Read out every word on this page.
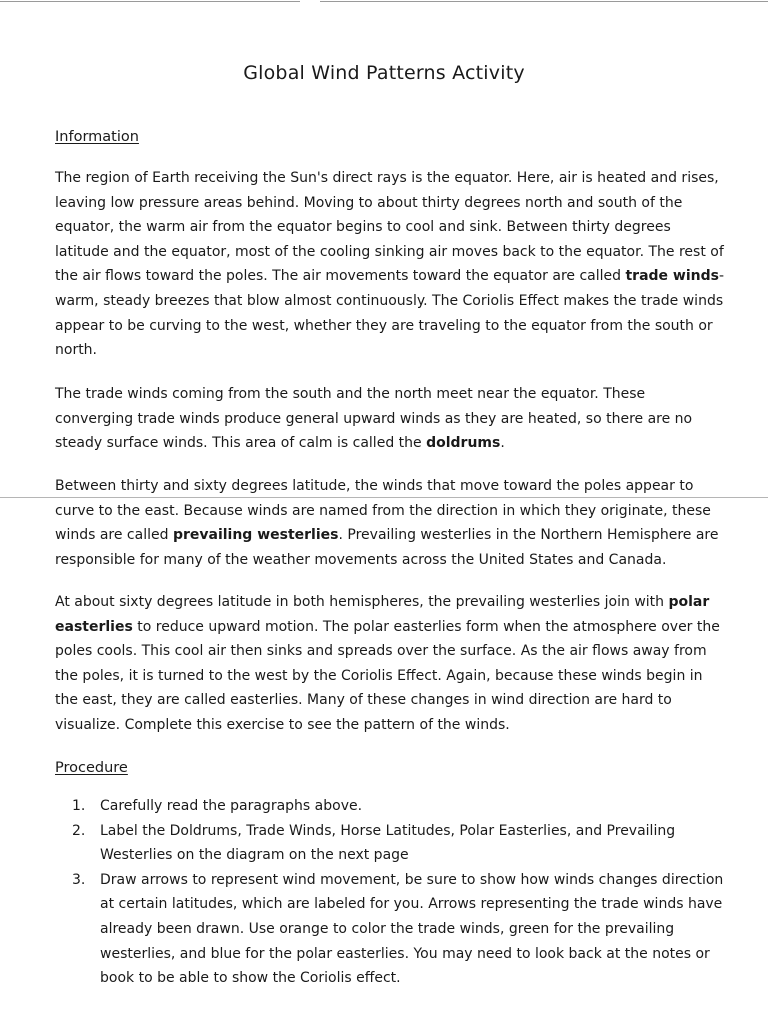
Global Wind Patterns Activity
Information

The region of Earth receiving the Sun's direct rays is the equator. Here, air is heated and rises, leaving low pressure areas behind. Moving to about thirty degrees north and south of the equator, the warm air from the equator begins to cool and sink. Between thirty degrees latitude and the equator, most of the cooling sinking air moves back to the equator. The rest of the air flows toward the poles. The air movements toward the equator are called trade winds- warm, steady breezes that blow almost continuously. The Coriolis Effect makes the trade winds appear to be curving to the west, whether they are traveling to the equator from the south or north.

The trade winds coming from the south and the north meet near the equator. These converging trade winds produce general upward winds as they are heated, so there are no steady surface winds. This area of calm is called the doldrums.

Between thirty and sixty degrees latitude, the winds that move toward the poles appear to curve to the east. Because winds are named from the direction in which they originate, these winds are called prevailing westerlies. Prevailing westerlies in the Northern Hemisphere are responsible for many of the weather movements across the United States and Canada.

At about sixty degrees latitude in both hemispheres, the prevailing westerlies join with polar easterlies to reduce upward motion. The polar easterlies form when the atmosphere over the poles cools. This cool air then sinks and spreads over the surface. As the air flows away from the poles, it is turned to the west by the Coriolis Effect. Again, because these winds begin in the east, they are called easterlies. Many of these changes in wind direction are hard to visualize. Complete this exercise to see the pattern of the winds.

Procedure
1. Carefully read the paragraphs above.
2. Label the Doldrums, Trade Winds, Horse Latitudes, Polar Easterlies, and Prevailing Westerlies on the diagram on the next page
3. Draw arrows to represent wind movement, be sure to show how winds changes direction at certain latitudes, which are labeled for you. Arrows representing the trade winds have already been drawn. Use orange to color the trade winds, green for the prevailing westerlies, and blue for the polar easterlies. You may need to look back at the notes or book to be able to show the Coriolis effect.
